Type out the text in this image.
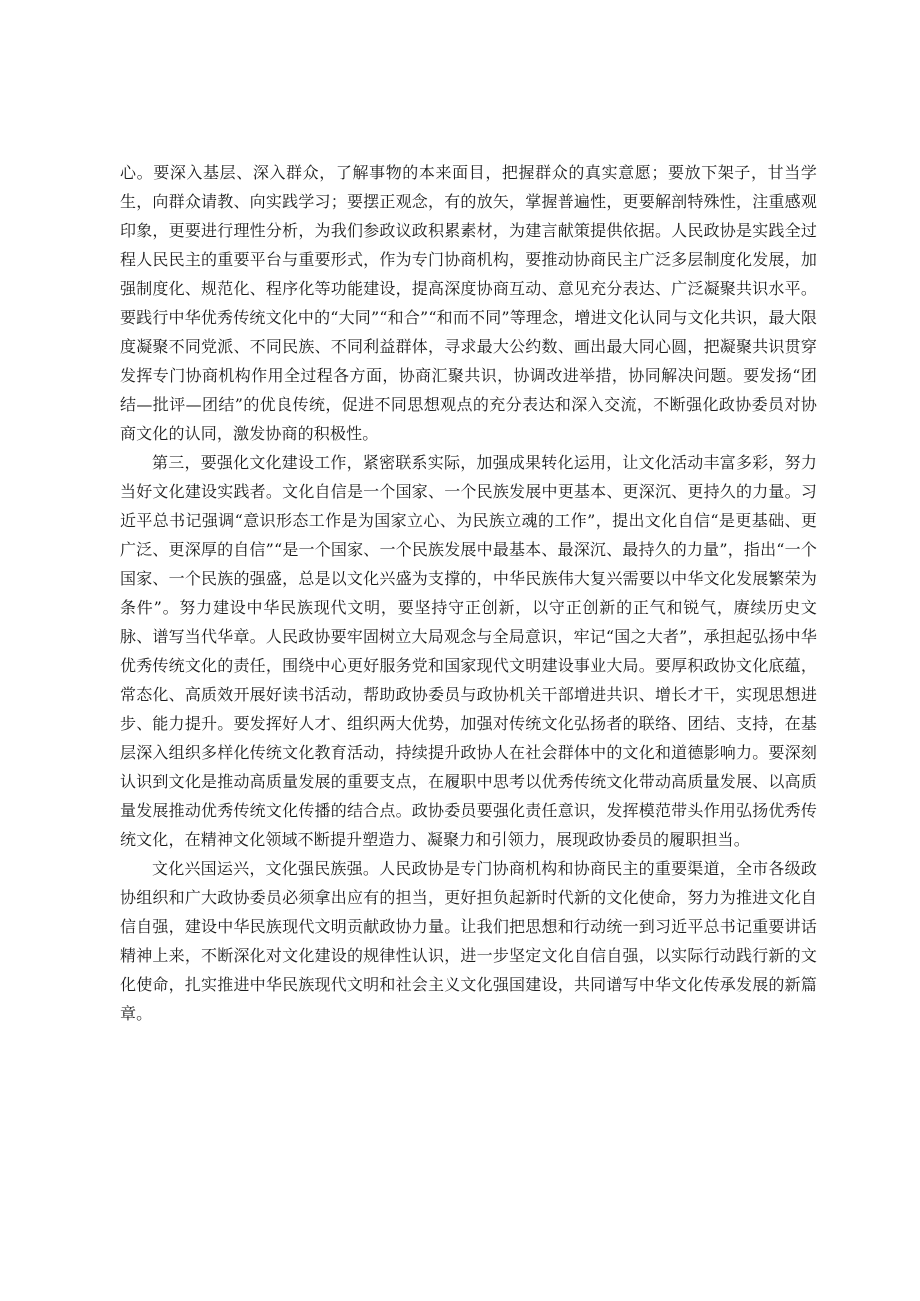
心。要深入基层、深入群众，了解事物的本来面目，把握群众的真实意愿；要放下架子，甘当学生，向群众请教、向实践学习；要摆正观念，有的放矢，掌握普遍性，更要解剖特殊性，注重感观印象，更要进行理性分析，为我们参政议政积累素材，为建言献策提供依据。人民政协是实践全过程人民民主的重要平台与重要形式，作为专门协商机构，要推动协商民主广泛多层制度化发展，加强制度化、规范化、程序化等功能建设，提高深度协商互动、意见充分表达、广泛凝聚共识水平。要践行中华优秀传统文化中的“大同”“和合”“和而不同”等理念，增进文化认同与文化共识，最大限度凝聚不同党派、不同民族、不同利益群体，寻求最大公约数、画出最大同心圆，把凝聚共识贯穿发挥专门协商机构作用全过程各方面，协商汇聚共识，协调改进举措，协同解决问题。要发扬“团结—批评—团结”的优良传统，促进不同思想观点的充分表达和深入交流，不断强化政协委员对协商文化的认同，激发协商的积极性。

第三，要强化文化建设工作，紧密联系实际，加强成果转化运用，让文化活动丰富多彩，努力当好文化建设实践者。文化自信是一个国家、一个民族发展中更基本、更深沉、更持久的力量。习近平总书记强调“意识形态工作是为国家立心、为民族立魂的工作”，提出文化自信“是更基础、更广泛、更深厚的自信”“是一个国家、一个民族发展中最基本、最深沉、最持久的力量”，指出“一个国家、一个民族的强盛，总是以文化兴盛为支撑的，中华民族伟大复兴需要以中华文化发展繁荣为条件”。努力建设中华民族现代文明，要坚持守正创新，以守正创新的正气和锐气，赓续历史文脉、谱写当代华章。人民政协要牢固树立大局观念与全局意识，牢记“国之大者”，承担起弘扬中华优秀传统文化的责任，围绕中心更好服务党和国家现代文明建设事业大局。要厚积政协文化底蕴，常态化、高质效开展好读书活动，帮助政协委员与政协机关干部增进共识、增长才干，实现思想进步、能力提升。要发挥好人才、组织两大优势，加强对传统文化弘扬者的联络、团结、支持，在基层深入组织多样化传统文化教育活动，持续提升政协人在社会群体中的文化和道德影响力。要深刻认识到文化是推动高质量发展的重要支点，在履职中思考以优秀传统文化带动高质量发展、以高质量发展推动优秀传统文化传播的结合点。政协委员要强化责任意识，发挥模范带头作用弘扬优秀传统文化，在精神文化领域不断提升塑造力、凝聚力和引领力，展现政协委员的履职担当。

文化兴国运兴，文化强民族强。人民政协是专门协商机构和协商民主的重要渠道，全市各级政协组织和广大政协委员必须拿出应有的担当，更好担负起新时代新的文化使命，努力为推进文化自信自强，建设中华民族现代文明贡献政协力量。让我们把思想和行动统一到习近平总书记重要讲话精神上来，不断深化对文化建设的规律性认识，进一步坚定文化自信自强，以实际行动践行新的文化使命，扎实推进中华民族现代文明和社会主义文化强国建设，共同谱写中华文化传承发展的新篇章。
